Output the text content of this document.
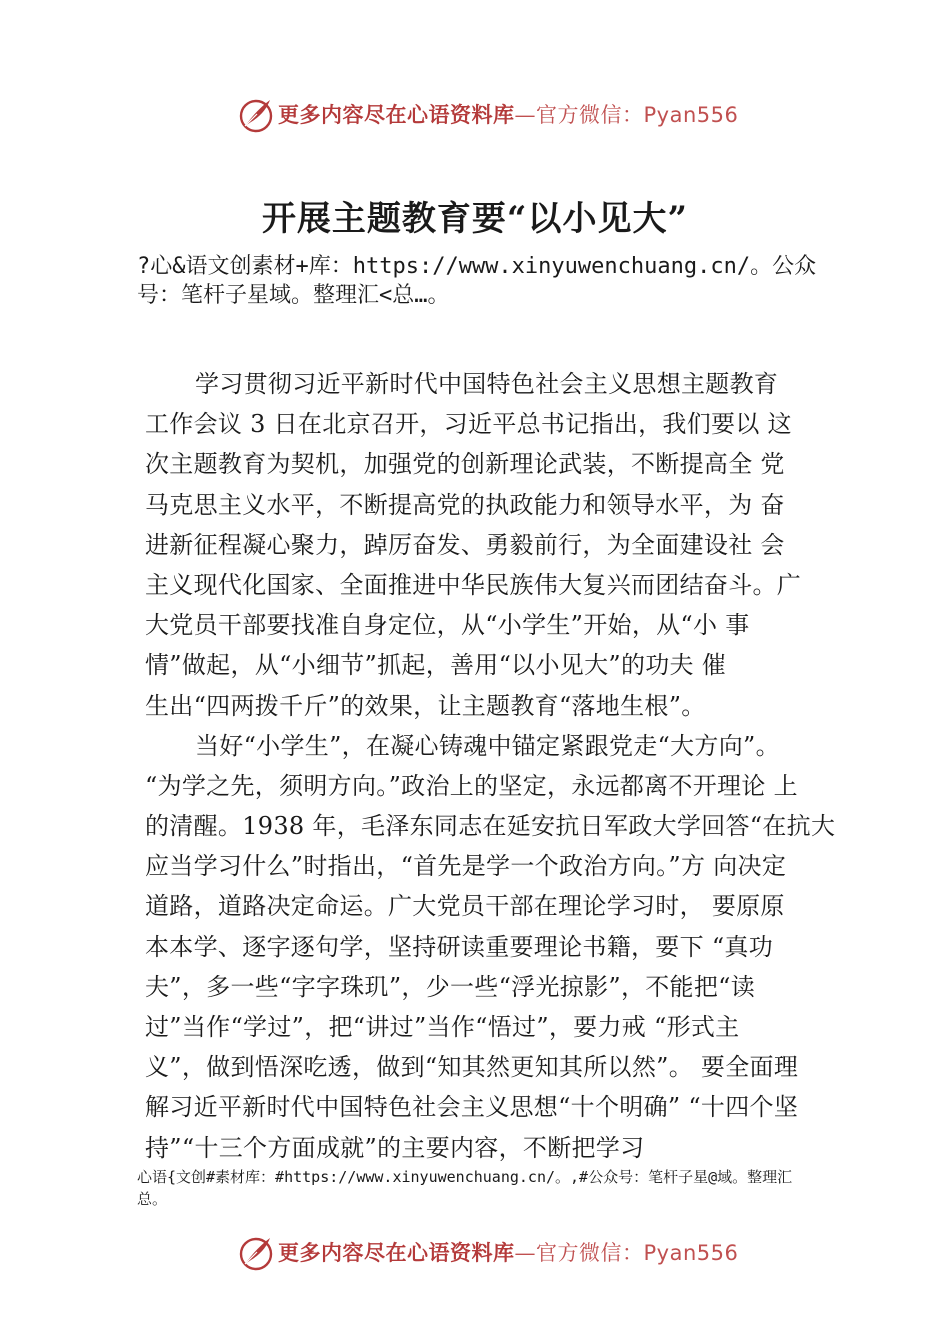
更多内容尽在心语资料库—官方微信：Pyan556
开展主题教育要“以小见大”
?心&语文创素材+库：https://www.xinyuwenchuang.cn/。公众
号：笔杆子星域。整理汇<总…。
学习贯彻习近平新时代中国特色社会主义思想主题教育
工作会议 3 日在北京召开，习近平总书记指出，我们要以 这
次主题教育为契机，加强党的创新理论武装，不断提高全 党
马克思主义水平，不断提高党的执政能力和领导水平，为 奋
进新征程凝心聚力，踔厉奋发、勇毅前行，为全面建设社 会
主义现代化国家、全面推进中华民族伟大复兴而团结奋斗。广
大党员干部要找准自身定位，从“小学生”开始，从“小 事
情”做起，从“小细节”抓起，善用“以小见大”的功夫 催
生出“四两拨千斤”的效果，让主题教育“落地生根”。
当好“小学生”，在凝心铸魂中锚定紧跟党走“大方向”。
“为学之先，须明方向。”政治上的坚定，永远都离不开理论 上
的清醒。1938 年，毛泽东同志在延安抗日军政大学回答“在抗大
应当学习什么”时指出，“首先是学一个政治方向。”方 向决定
道路，道路决定命运。广大党员干部在理论学习时， 要原原
本本学、逐字逐句学，坚持研读重要理论书籍，要下 “真功
夫”，多一些“字字珠玑”，少一些“浮光掠影”，不能把“读
过”当作“学过”，把“讲过”当作“悟过”，要力戒 “形式主
义”，做到悟深吃透，做到“知其然更知其所以然”。 要全面理
解习近平新时代中国特色社会主义思想“十个明确” “十四个坚
持”“十三个方面成就”的主要内容，不断把学习
心语{文创#素材库：#https://www.xinyuwenchuang.cn/。,#公众号：笔杆子星@域。整理汇
总。
更多内容尽在心语资料库—官方微信：Pyan556
